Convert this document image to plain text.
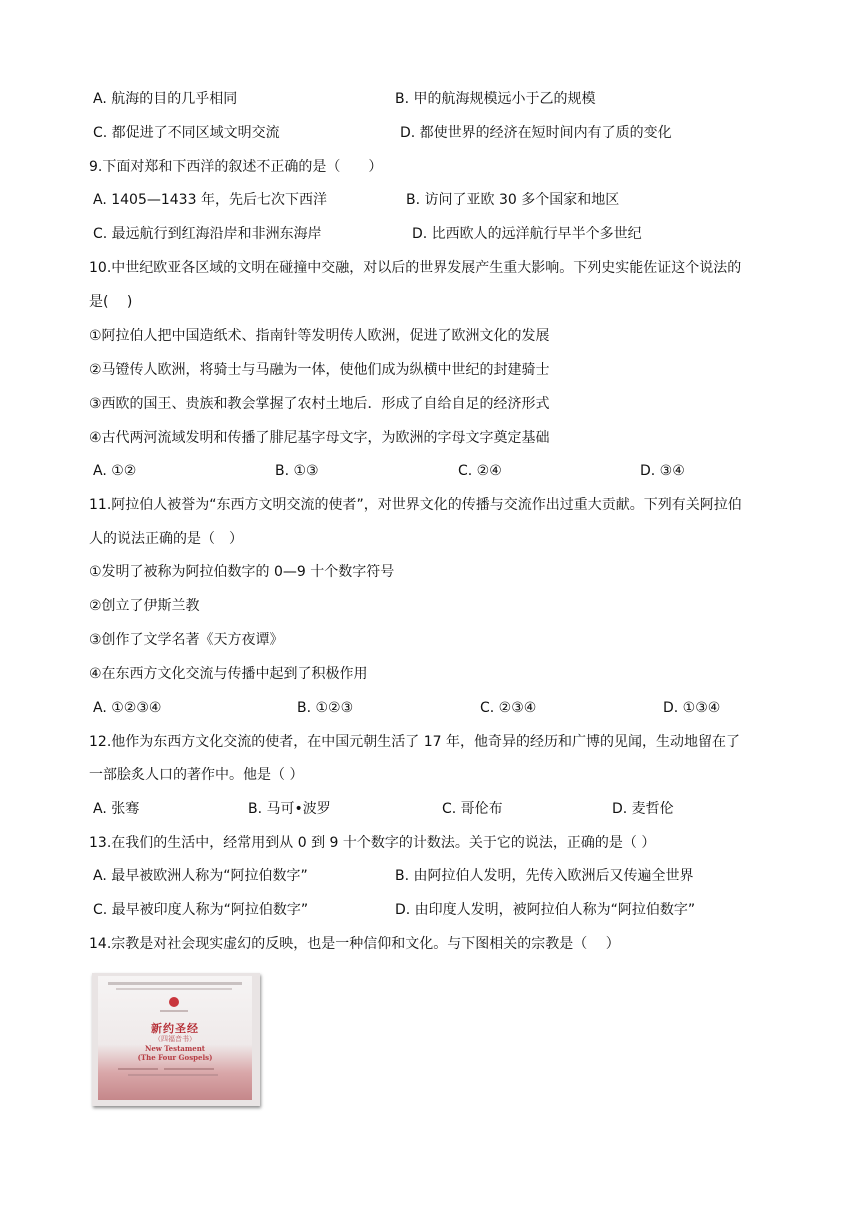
A. 航海的目的几乎相同	B. 甲的航海规模远小于乙的规模
C. 都促进了不同区域文明交流	D. 都使世界的经济在短时间内有了质的变化
9.下面对郑和下西洋的叙述不正确的是（　　）
A. 1405—1433 年，先后七次下西洋	B. 访问了亚欧 30 多个国家和地区
C. 最远航行到红海沿岸和非洲东海岸	D. 比西欧人的远洋航行早半个多世纪
10.中世纪欧亚各区域的文明在碰撞中交融，对以后的世界发展产生重大影响。下列史实能佐证这个说法的
是(　 )
①阿拉伯人把中国造纸术、指南针等发明传人欧洲，促进了欧洲文化的发展
②马镫传人欧洲，将骑士与马融为一体，使他们成为纵横中世纪的封建骑士
③西欧的国王、贵族和教会掌握了农村土地后．形成了自给自足的经济形式
④古代两河流域发明和传播了腓尼基字母文字，为欧洲的字母文字奠定基础
A. ①②	B. ①③	C. ②④	D. ③④
11.阿拉伯人被誉为“东西方文明交流的使者”，对世界文化的传播与交流作出过重大贡献。下列有关阿拉伯
人的说法正确的是（　）
①发明了被称为阿拉伯数字的 0—9 十个数字符号
②创立了伊斯兰教
③创作了文学名著《天方夜谭》
④在东西方文化交流与传播中起到了积极作用
A. ①②③④	B. ①②③	C. ②③④	D. ①③④
12.他作为东西方文化交流的使者，在中国元朝生活了 17 年，他奇异的经历和广博的见闻，生动地留在了
一部脍炙人口的著作中。他是（ ）
A. 张骞	B. 马可•波罗	C. 哥伦布	D. 麦哲伦
13.在我们的生活中，经常用到从 0 到 9 十个数字的计数法。关于它的说法，正确的是（ ）
A. 最早被欧洲人称为“阿拉伯数字”	B. 由阿拉伯人发明，先传入欧洲后又传遍全世界
C. 最早被印度人称为“阿拉伯数字”	D. 由印度人发明，被阿拉伯人称为“阿拉伯数字”
14.宗教是对社会现实虚幻的反映，也是一种信仰和文化。与下图相关的宗教是（　 ）
新约圣经
（四福音书）
New Testament
(The Four Gospels)
